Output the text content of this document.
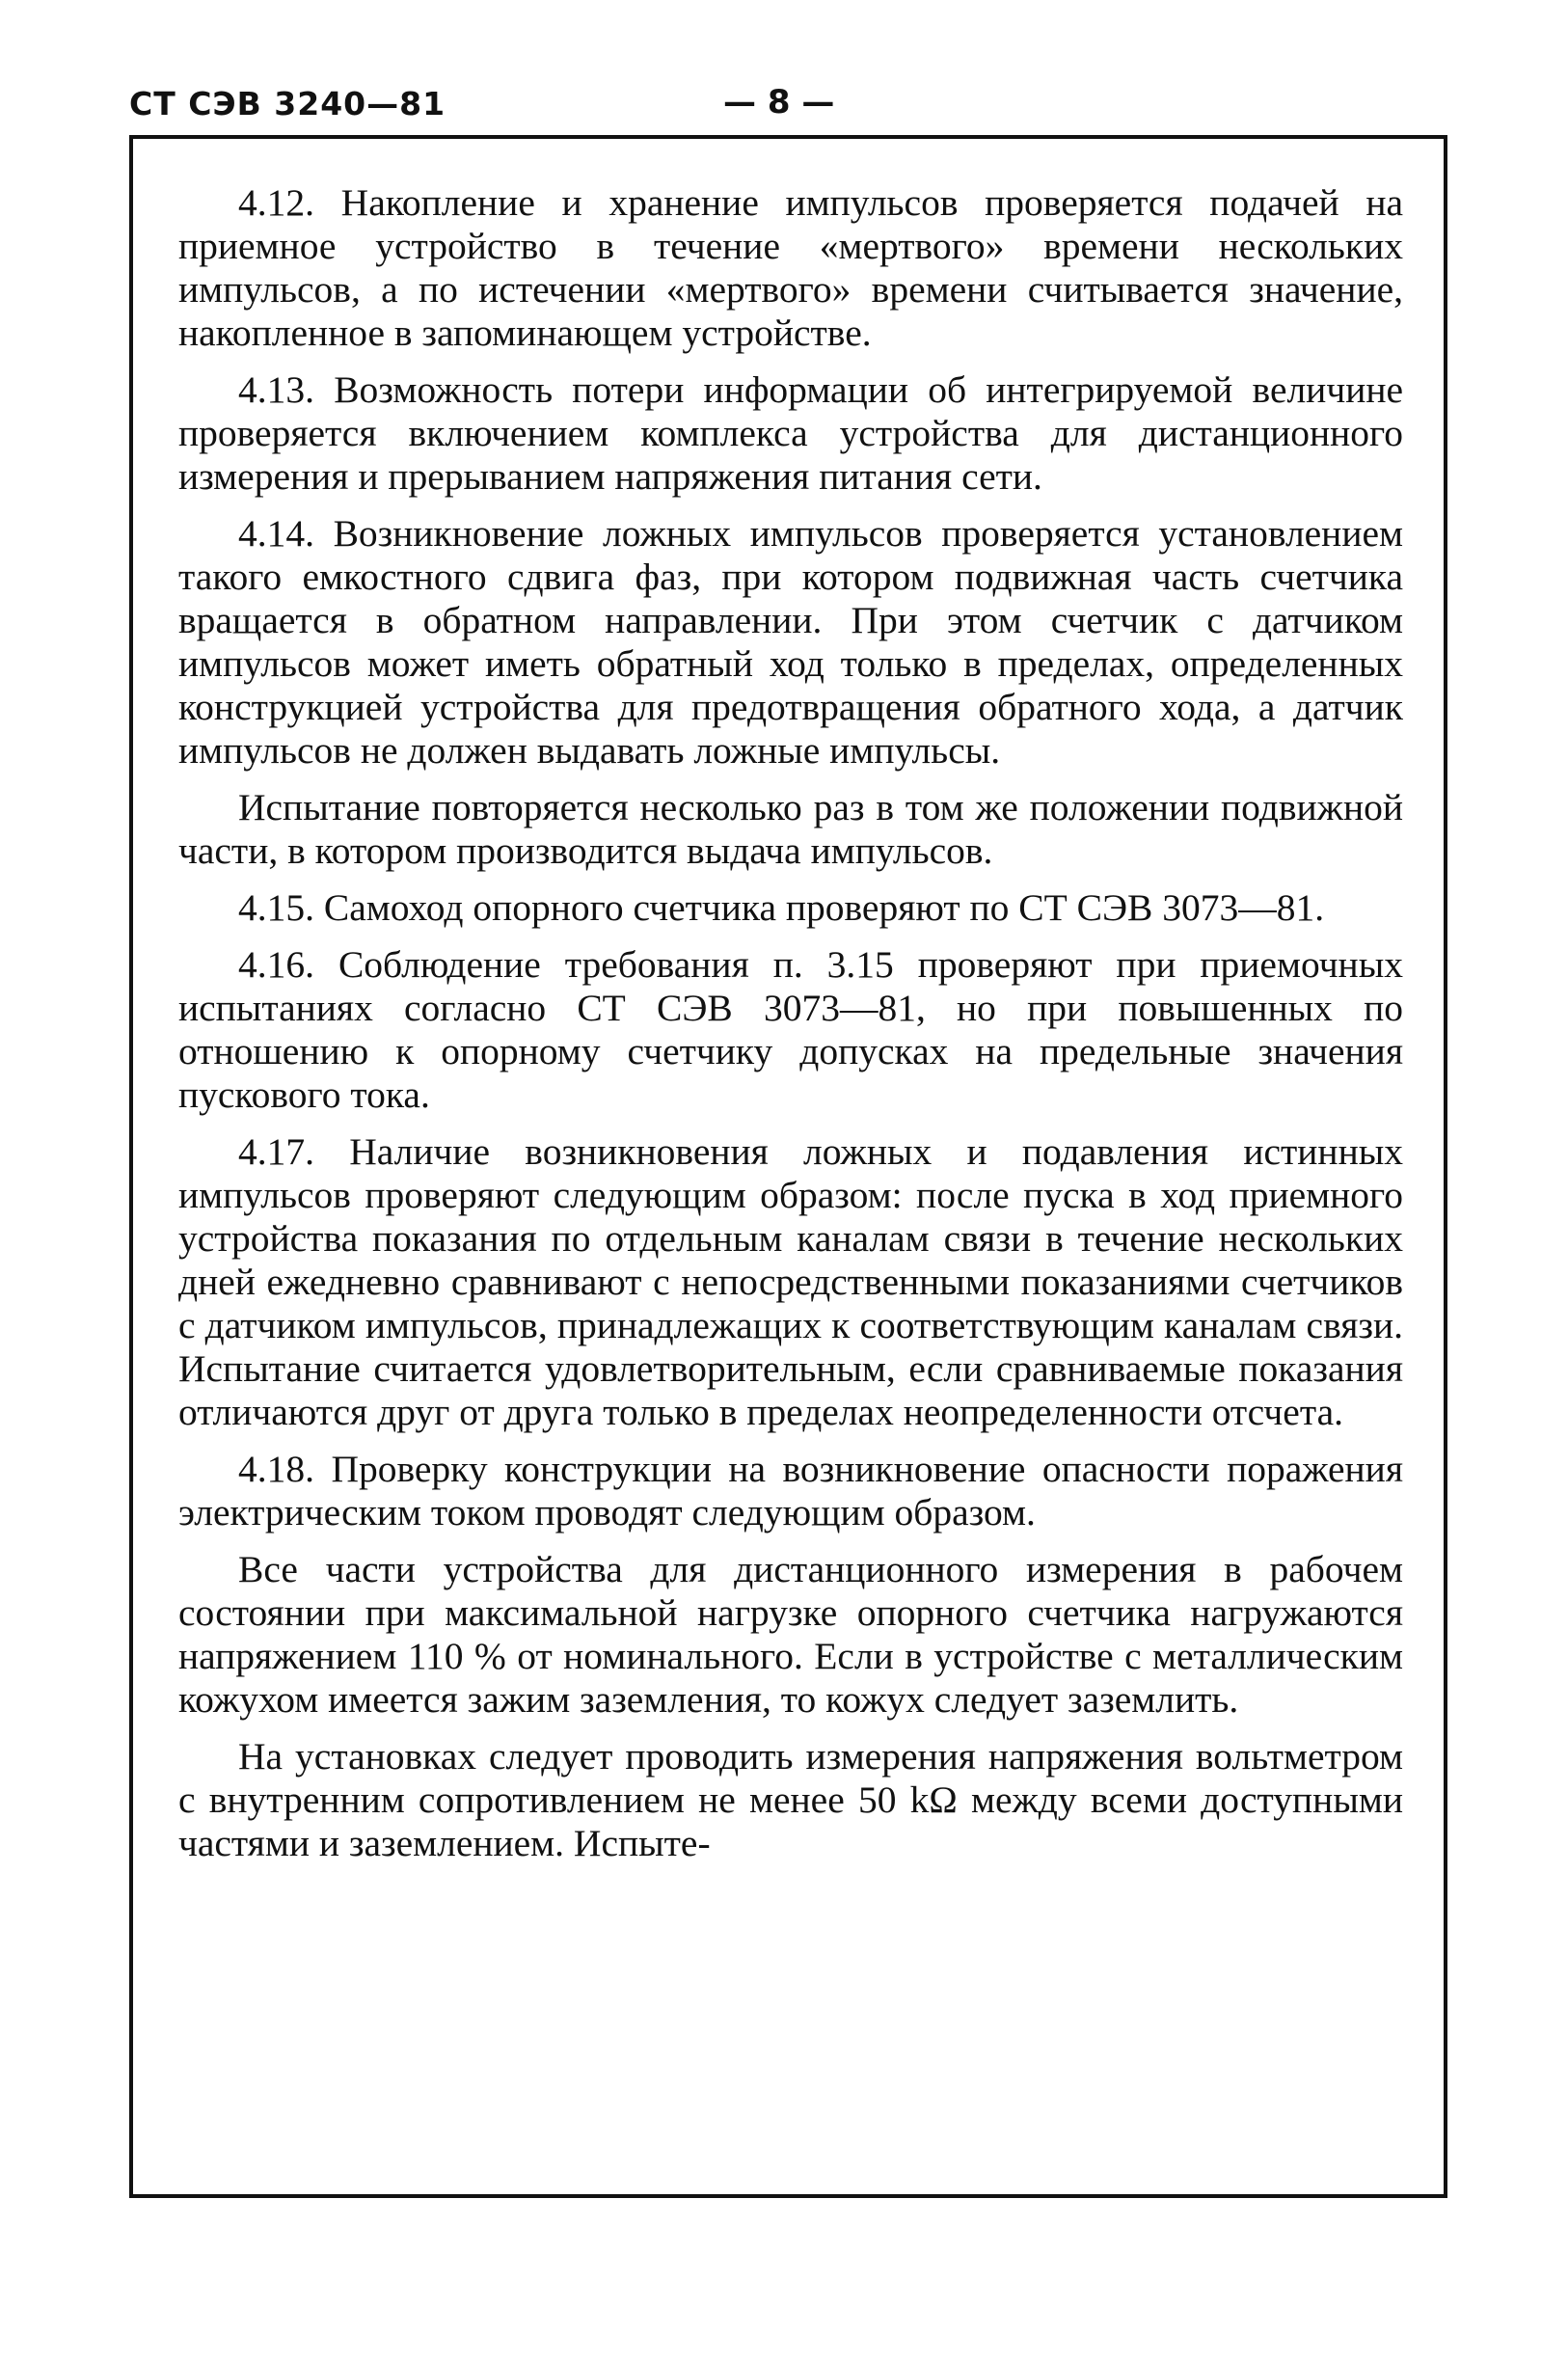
СТ СЭВ 3240—81	— 8 —

4.12. Накопление и хранение импульсов проверяется подачей на приемное устройство в течение «мертвого» времени нескольких импульсов, а по истечении «мертвого» времени считывается значение, накопленное в запоминающем устройстве.

4.13. Возможность потери информации об интегрируемой величине проверяется включением комплекса устройства для дистанционного измерения и прерыванием напряжения питания сети.

4.14. Возникновение ложных импульсов проверяется установлением такого емкостного сдвига фаз, при котором подвижная часть счетчика вращается в обратном направлении. При этом счетчик с датчиком импульсов может иметь обратный ход только в пределах, определенных конструкцией устройства для предотвращения обратного хода, а датчик импульсов не должен выдавать ложные импульсы.

Испытание повторяется несколько раз в том же положении подвижной части, в котором производится выдача импульсов.

4.15. Самоход опорного счетчика проверяют по СТ СЭВ 3073—81.

4.16. Соблюдение требования п. 3.15 проверяют при приемочных испытаниях согласно СТ СЭВ 3073—81, но при повышенных по отношению к опорному счетчику допусках на предельные значения пускового тока.

4.17. Наличие возникновения ложных и подавления истинных импульсов проверяют следующим образом: после пуска в ход приемного устройства показания по отдельным каналам связи в течение нескольких дней ежедневно сравнивают с непосредственными показаниями счетчиков с датчиком импульсов, принадлежащих к соответствующим каналам связи. Испытание считается удовлетворительным, если сравниваемые показания отличаются друг от друга только в пределах неопределенности отсчета.

4.18. Проверку конструкции на возникновение опасности поражения электрическим током проводят следующим образом.

Все части устройства для дистанционного измерения в рабочем состоянии при максимальной нагрузке опорного счетчика нагружаются напряжением 110 % от номинального. Если в устройстве с металлическим кожухом имеется зажим заземления, то кожух следует заземлить.

На установках следует проводить измерения напряжения вольтметром с внутренним сопротивлением не менее 50 kΩ между всеми доступными частями и заземлением. Испыте-
